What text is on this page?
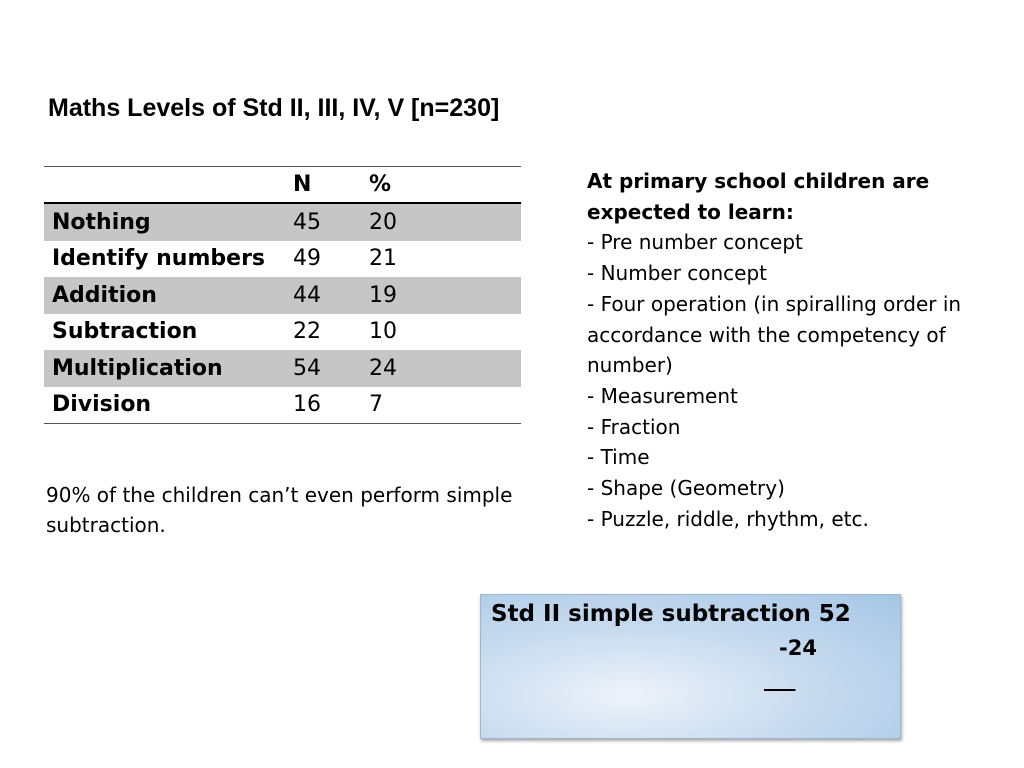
Maths Levels of Std II, III, IV, V [n=230]
	N	%
Nothing	45	20
Identify numbers	49	21
Addition	44	19
Subtraction	22	10
Multiplication	54	24
Division	16	7
90% of the children can’t even perform simple subtraction.
At primary school children are expected to learn:
- Pre number concept
- Number concept
- Four operation (in spiralling order in accordance with the competency of number)
- Measurement
- Fraction
- Time
- Shape (Geometry)
- Puzzle, riddle, rhythm, etc.
Std II simple subtraction 52
-24
___
